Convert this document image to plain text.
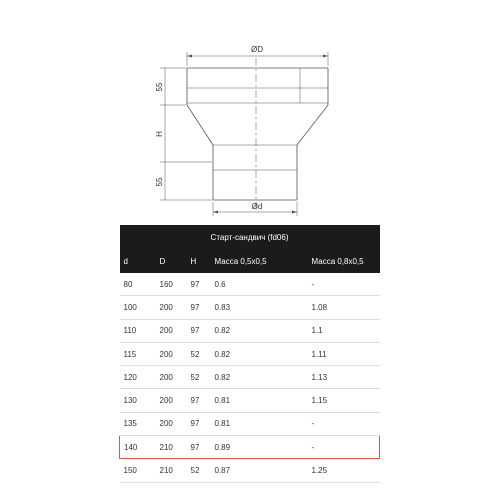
ØD
Ød
55
H
55
Старт-сандвич (fd06)				
d	D	H	Масса 0,5х0,5	Масса 0,8х0,5
80	160	97	0.6	-
100	200	97	0.83	1.08
110	200	97	0.82	1.1
115	200	52	0.82	1.11
120	200	52	0.82	1.13
130	200	97	0.81	1.15
135	200	97	0.81	-
140	210	97	0.89	-
150	210	52	0.87	1.25
